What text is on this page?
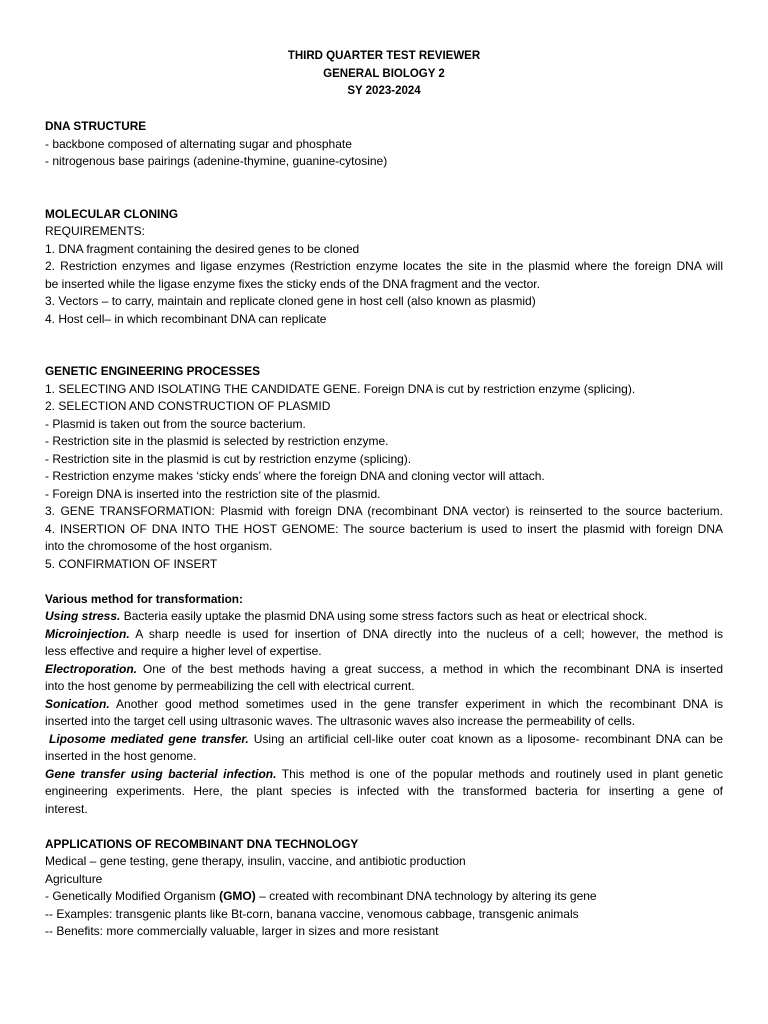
THIRD QUARTER TEST REVIEWER
GENERAL BIOLOGY 2
SY 2023-2024
DNA STRUCTURE
- backbone composed of alternating sugar and phosphate
- nitrogenous base pairings (adenine-thymine, guanine-cytosine)
MOLECULAR CLONING
REQUIREMENTS:
1. DNA fragment containing the desired genes to be cloned
2. Restriction enzymes and ligase enzymes (Restriction enzyme locates the site in the plasmid where the foreign DNA will
be inserted while the ligase enzyme fixes the sticky ends of the DNA fragment and the vector.
3. Vectors – to carry, maintain and replicate cloned gene in host cell (also known as plasmid)
4. Host cell– in which recombinant DNA can replicate
GENETIC ENGINEERING PROCESSES
1. SELECTING AND ISOLATING THE CANDIDATE GENE. Foreign DNA is cut by restriction enzyme (splicing).
2. SELECTION AND CONSTRUCTION OF PLASMID
- Plasmid is taken out from the source bacterium.
- Restriction site in the plasmid is selected by restriction enzyme.
- Restriction site in the plasmid is cut by restriction enzyme (splicing).
- Restriction enzyme makes ‘sticky ends’ where the foreign DNA and cloning vector will attach.
- Foreign DNA is inserted into the restriction site of the plasmid.
3. GENE TRANSFORMATION: Plasmid with foreign DNA (recombinant DNA vector) is reinserted to the source bacterium.
4. INSERTION OF DNA INTO THE HOST GENOME: The source bacterium is used to insert the plasmid with foreign DNA
into the chromosome of the host organism.
5. CONFIRMATION OF INSERT
Various method for transformation:
Using stress. Bacteria easily uptake the plasmid DNA using some stress factors such as heat or electrical shock.
Microinjection. A sharp needle is used for insertion of DNA directly into the nucleus of a cell; however, the method is
less effective and require a higher level of expertise.
Electroporation. One of the best methods having a great success, a method in which the recombinant DNA is inserted
into the host genome by permeabilizing the cell with electrical current.
Sonication. Another good method sometimes used in the gene transfer experiment in which the recombinant DNA is
inserted into the target cell using ultrasonic waves. The ultrasonic waves also increase the permeability of cells.
Liposome mediated gene transfer. Using an artificial cell-like outer coat known as a liposome- recombinant DNA can be
inserted in the host genome.
Gene transfer using bacterial infection. This method is one of the popular methods and routinely used in plant genetic
engineering experiments. Here, the plant species is infected with the transformed bacteria for inserting a gene of
interest.
APPLICATIONS OF RECOMBINANT DNA TECHNOLOGY
Medical – gene testing, gene therapy, insulin, vaccine, and antibiotic production
Agriculture
- Genetically Modified Organism (GMO) – created with recombinant DNA technology by altering its gene
-- Examples: transgenic plants like Bt-corn, banana vaccine, venomous cabbage, transgenic animals
-- Benefits: more commercially valuable, larger in sizes and more resistant
